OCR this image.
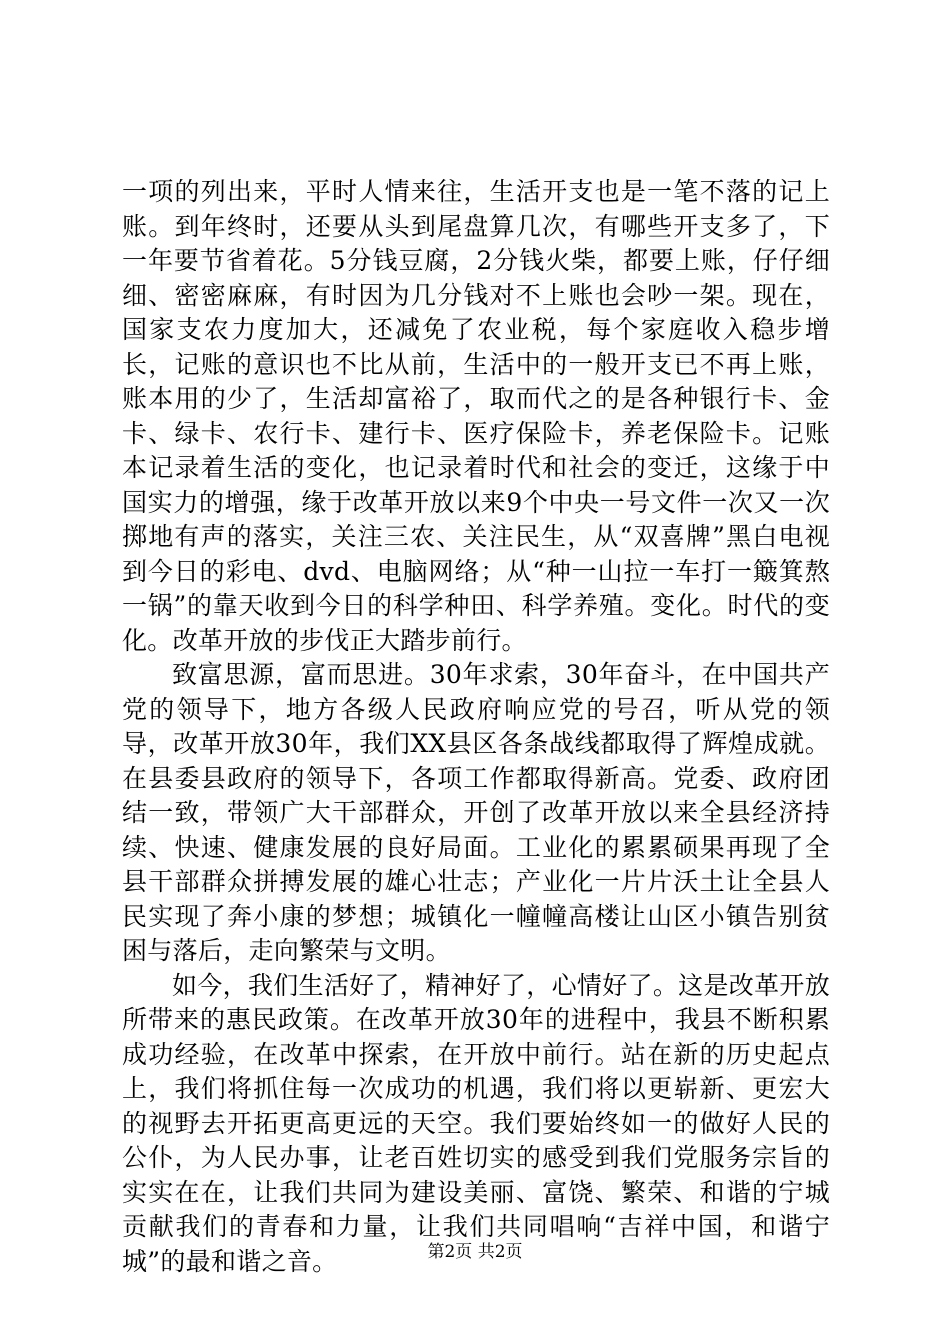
一项的列出来，平时人情来往，生活开支也是一笔不落的记上账。到年终时，还要从头到尾盘算几次，有哪些开支多了，下一年要节省着花。5分钱豆腐，2分钱火柴，都要上账，仔仔细细、密密麻麻，有时因为几分钱对不上账也会吵一架。现在，国家支农力度加大，还减免了农业税，每个家庭收入稳步增长，记账的意识也不比从前，生活中的一般开支已不再上账，账本用的少了，生活却富裕了，取而代之的是各种银行卡、金卡、绿卡、农行卡、建行卡、医疗保险卡，养老保险卡。记账本记录着生活的变化，也记录着时代和社会的变迁，这缘于中国实力的增强，缘于改革开放以来9个中央一号文件一次又一次掷地有声的落实，关注三农、关注民生，从“双喜牌”黑白电视到今日的彩电、dvd、电脑网络；从“种一山拉一车打一簸箕熬一锅”的靠天收到今日的科学种田、科学养殖。变化。时代的变化。改革开放的步伐正大踏步前行。

致富思源，富而思进。30年求索，30年奋斗，在中国共产党的领导下，地方各级人民政府响应党的号召，听从党的领导，改革开放30年，我们XX县区各条战线都取得了辉煌成就。在县委县政府的领导下，各项工作都取得新高。党委、政府团结一致，带领广大干部群众，开创了改革开放以来全县经济持续、快速、健康发展的良好局面。工业化的累累硕果再现了全县干部群众拼搏发展的雄心壮志；产业化一片片沃土让全县人民实现了奔小康的梦想；城镇化一幢幢高楼让山区小镇告别贫困与落后，走向繁荣与文明。

如今，我们生活好了，精神好了，心情好了。这是改革开放所带来的惠民政策。在改革开放30年的进程中，我县不断积累成功经验，在改革中探索，在开放中前行。站在新的历史起点上，我们将抓住每一次成功的机遇，我们将以更崭新、更宏大的视野去开拓更高更远的天空。我们要始终如一的做好人民的公仆，为人民办事，让老百姓切实的感受到我们党服务宗旨的实实在在，让我们共同为建设美丽、富饶、繁荣、和谐的宁城贡献我们的青春和力量，让我们共同唱响“吉祥中国，和谐宁城”的最和谐之音。	第2页 共2页
